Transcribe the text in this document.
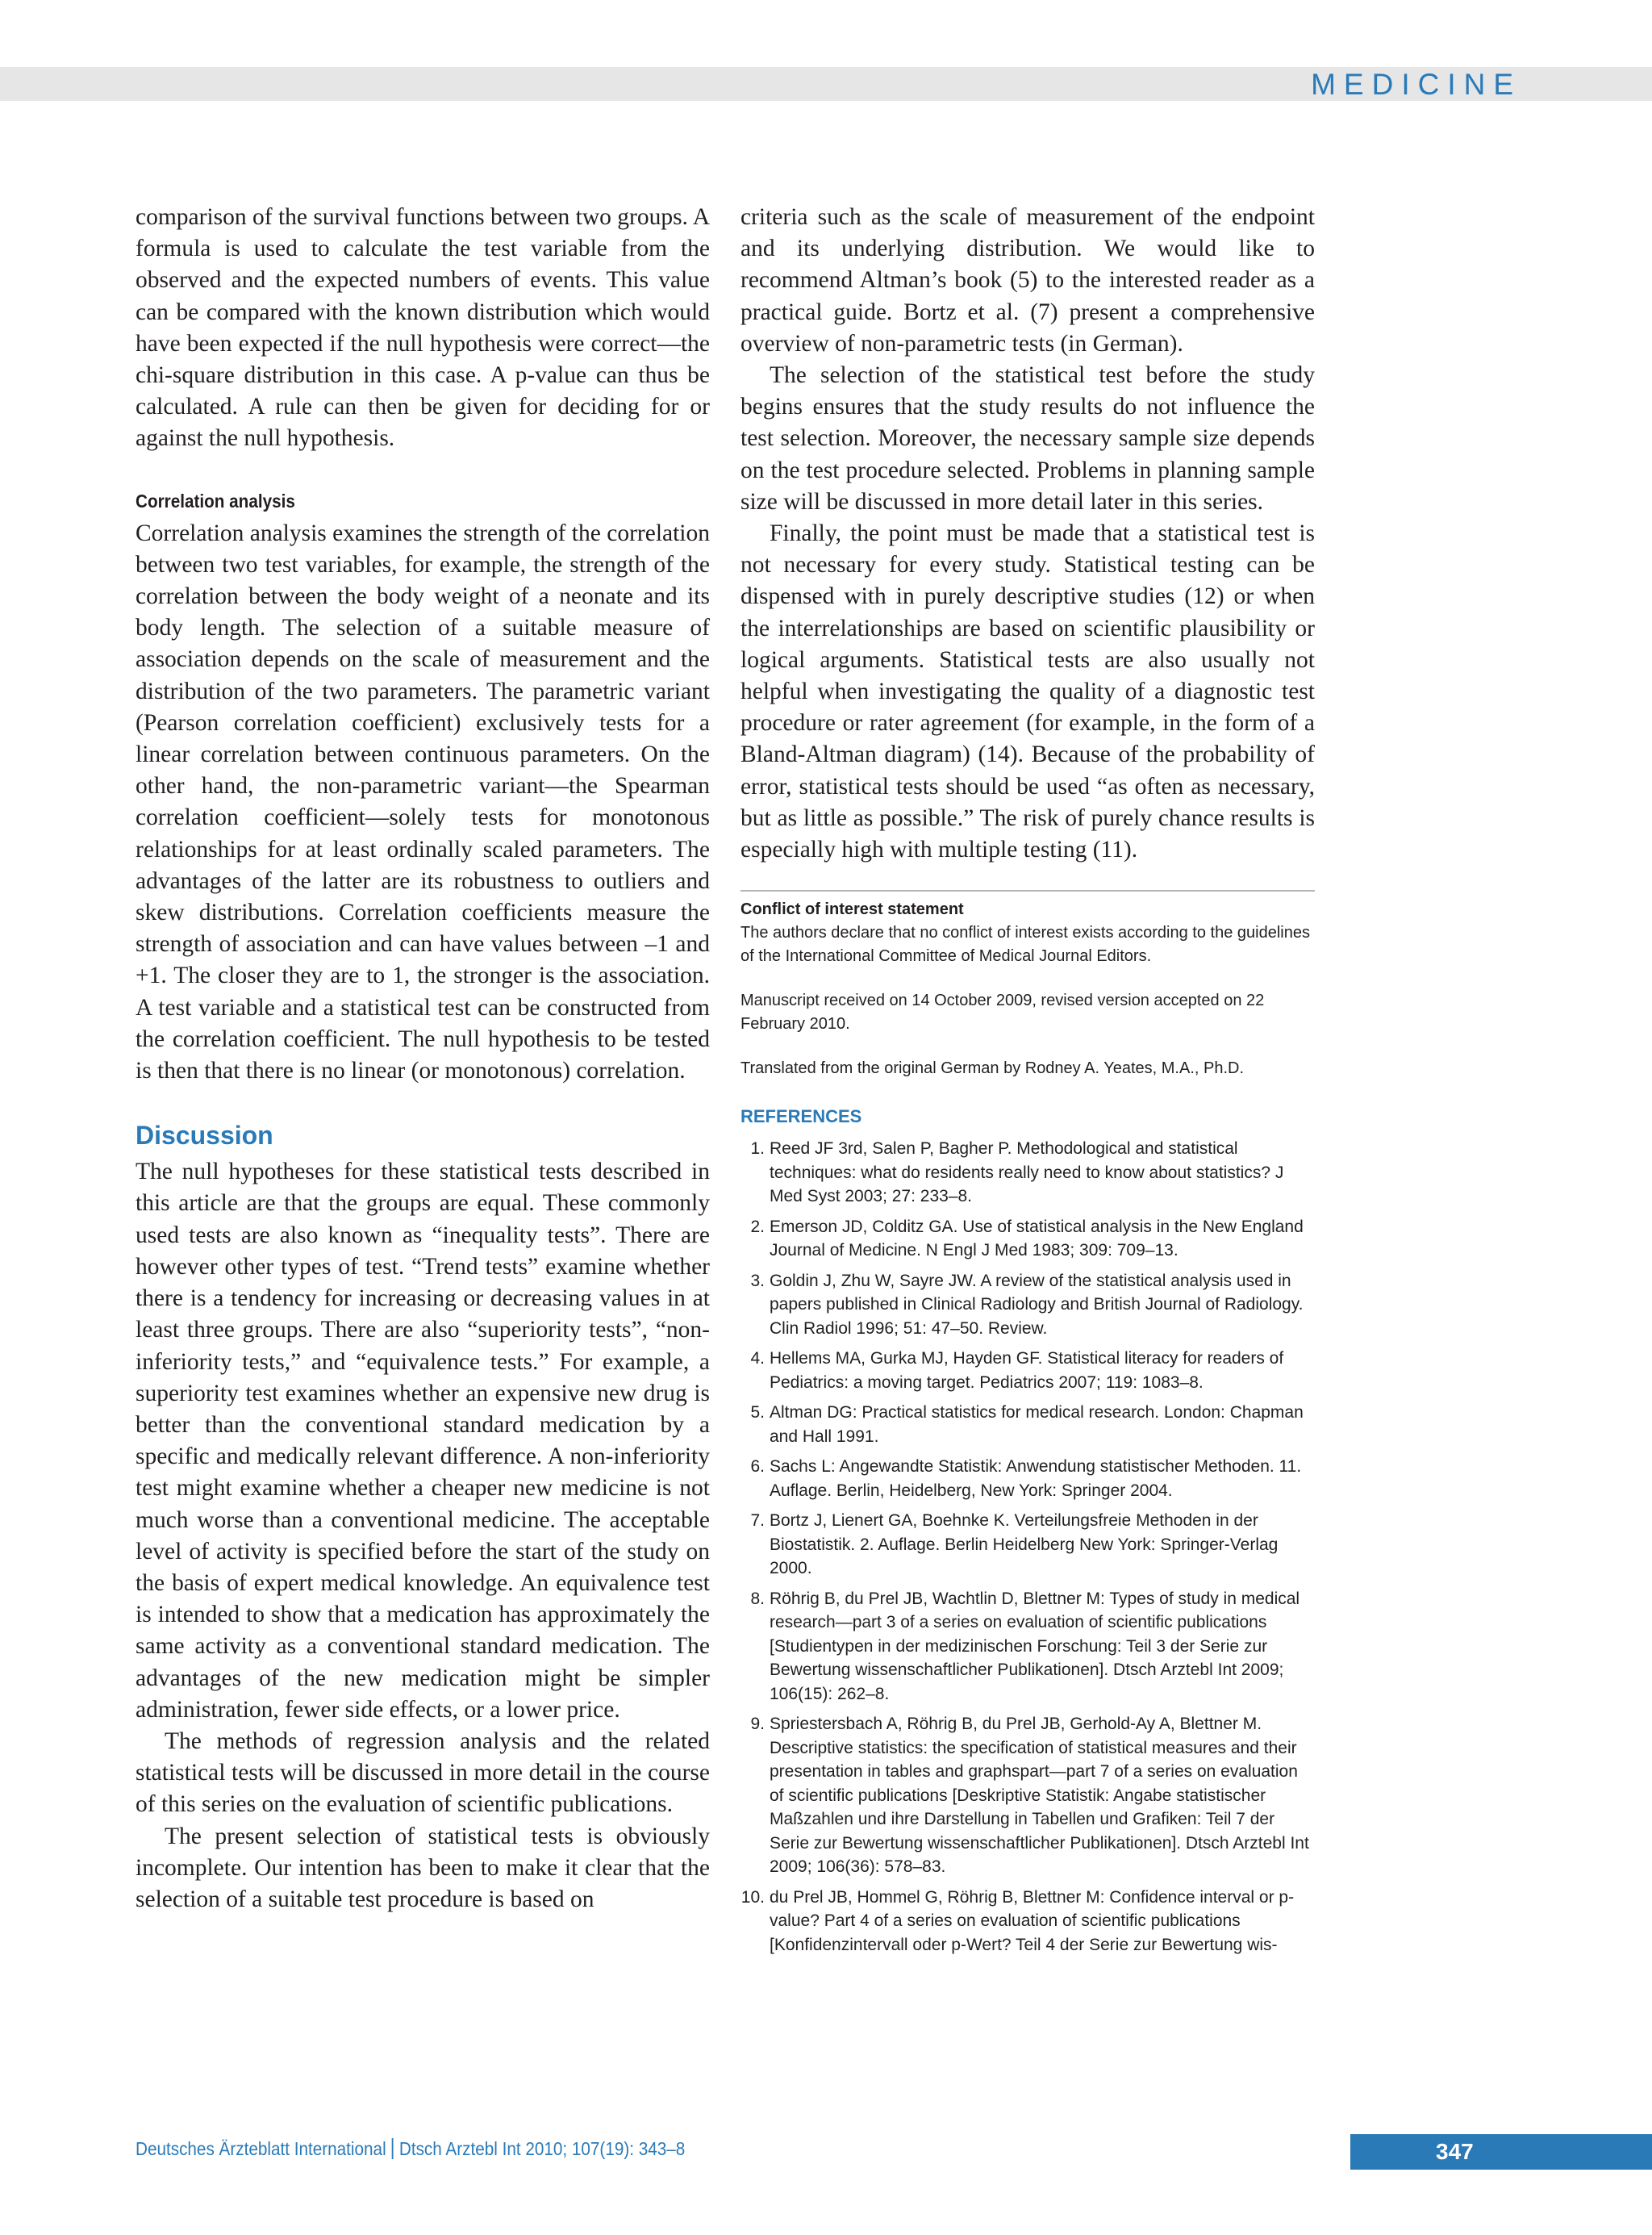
MEDICINE

comparison of the survival functions between two groups. A formula is used to calculate the test variable from the observed and the expected numbers of events. This value can be compared with the known distribution which would have been expected if the null hypothesis were correct—the chi-square distribution in this case. A p-value can thus be calculated. A rule can then be given for deciding for or against the null hypothesis.

Correlation analysis

Correlation analysis examines the strength of the correlation between two test variables, for example, the strength of the correlation between the body weight of a neonate and its body length. The selection of a suitable measure of association depends on the scale of measurement and the distribution of the two parameters. The parametric variant (Pearson correlation coefficient) exclusively tests for a linear correlation between continuous parameters. On the other hand, the non-parametric variant—the Spearman correlation coefficient—solely tests for monotonous relationships for at least ordinally scaled parameters. The advantages of the latter are its robustness to outliers and skew distributions. Correlation coefficients measure the strength of association and can have values between –1 and +1. The closer they are to 1, the stronger is the association. A test variable and a statistical test can be constructed from the correlation coefficient. The null hypothesis to be tested is then that there is no linear (or monotonous) correlation.

Discussion

The null hypotheses for these statistical tests described in this article are that the groups are equal. These commonly used tests are also known as “inequality tests”. There are however other types of test. “Trend tests” examine whether there is a tendency for increasing or decreasing values in at least three groups. There are also “superiority tests”, “non-inferiority tests,” and “equivalence tests.” For example, a superiority test examines whether an expensive new drug is better than the conventional standard medication by a specific and medically relevant difference. A non-inferiority test might examine whether a cheaper new medicine is not much worse than a conventional medicine. The acceptable level of activity is specified before the start of the study on the basis of expert medical knowledge. An equivalence test is intended to show that a medication has approximately the same activity as a conventional standard medication. The advantages of the new medication might be simpler administration, fewer side effects, or a lower price.

The methods of regression analysis and the related statistical tests will be discussed in more detail in the course of this series on the evaluation of scientific publications.

The present selection of statistical tests is obviously incomplete. Our intention has been to make it clear that the selection of a suitable test procedure is based on

criteria such as the scale of measurement of the endpoint and its underlying distribution. We would like to recommend Altman’s book (5) to the interested reader as a practical guide. Bortz et al. (7) present a comprehensive overview of non-parametric tests (in German).

The selection of the statistical test before the study begins ensures that the study results do not influence the test selection. Moreover, the necessary sample size depends on the test procedure selected. Problems in planning sample size will be discussed in more detail later in this series.

Finally, the point must be made that a statistical test is not necessary for every study. Statistical testing can be dispensed with in purely descriptive studies (12) or when the interrelationships are based on scientific plausibility or logical arguments. Statistical tests are also usually not helpful when investigating the quality of a diagnostic test procedure or rater agreement (for example, in the form of a Bland-Altman diagram) (14). Because of the probability of error, statistical tests should be used “as often as necessary, but as little as possible.” The risk of purely chance results is especially high with multiple testing (11).

Conflict of interest statement

The authors declare that no conflict of interest exists according to the guidelines of the International Committee of Medical Journal Editors.

Manuscript received on 14 October 2009, revised version accepted on 22 February 2010.

Translated from the original German by Rodney A. Yeates, M.A., Ph.D.

REFERENCES
1. Reed JF 3rd, Salen P, Bagher P. Methodological and statistical techniques: what do residents really need to know about statistics? J Med Syst 2003; 27: 233–8.
2. Emerson JD, Colditz GA. Use of statistical analysis in the New England Journal of Medicine. N Engl J Med 1983; 309: 709–13.
3. Goldin J, Zhu W, Sayre JW. A review of the statistical analysis used in papers published in Clinical Radiology and British Journal of Radiology. Clin Radiol 1996; 51: 47–50. Review.
4. Hellems MA, Gurka MJ, Hayden GF. Statistical literacy for readers of Pediatrics: a moving target. Pediatrics 2007; 119: 1083–8.
5. Altman DG: Practical statistics for medical research. London: Chapman and Hall 1991.
6. Sachs L: Angewandte Statistik: Anwendung statistischer Methoden. 11. Auflage. Berlin, Heidelberg, New York: Springer 2004.
7. Bortz J, Lienert GA, Boehnke K. Verteilungsfreie Methoden in der Biostatistik. 2. Auflage. Berlin Heidelberg New York: Springer-Verlag 2000.
8. Röhrig B, du Prel JB, Wachtlin D, Blettner M: Types of study in medical research—part 3 of a series on evaluation of scientific publications [Studientypen in der medizinischen Forschung: Teil 3 der Serie zur Bewertung wissenschaftlicher Publikationen]. Dtsch Arztebl Int 2009; 106(15): 262–8.
9. Spriestersbach A, Röhrig B, du Prel JB, Gerhold-Ay A, Blettner M. Descriptive statistics: the specification of statistical measures and their presentation in tables and graphspart—part 7 of a series on evaluation of scientific publications [Deskriptive Statistik: Angabe statistischer Maßzahlen und ihre Darstellung in Tabellen und Grafiken: Teil 7 der Serie zur Bewertung wissenschaftlicher Publikationen]. Dtsch Arztebl Int 2009; 106(36): 578–83.
10. du Prel JB, Hommel G, Röhrig B, Blettner M: Confidence interval or p-value? Part 4 of a series on evaluation of scientific publications [Konfidenzintervall oder p-Wert? Teil 4 der Serie zur Bewertung wis-
Deutsches Ärzteblatt International Dtsch Arztebl Int 2010; 107(19): 343–8	347
